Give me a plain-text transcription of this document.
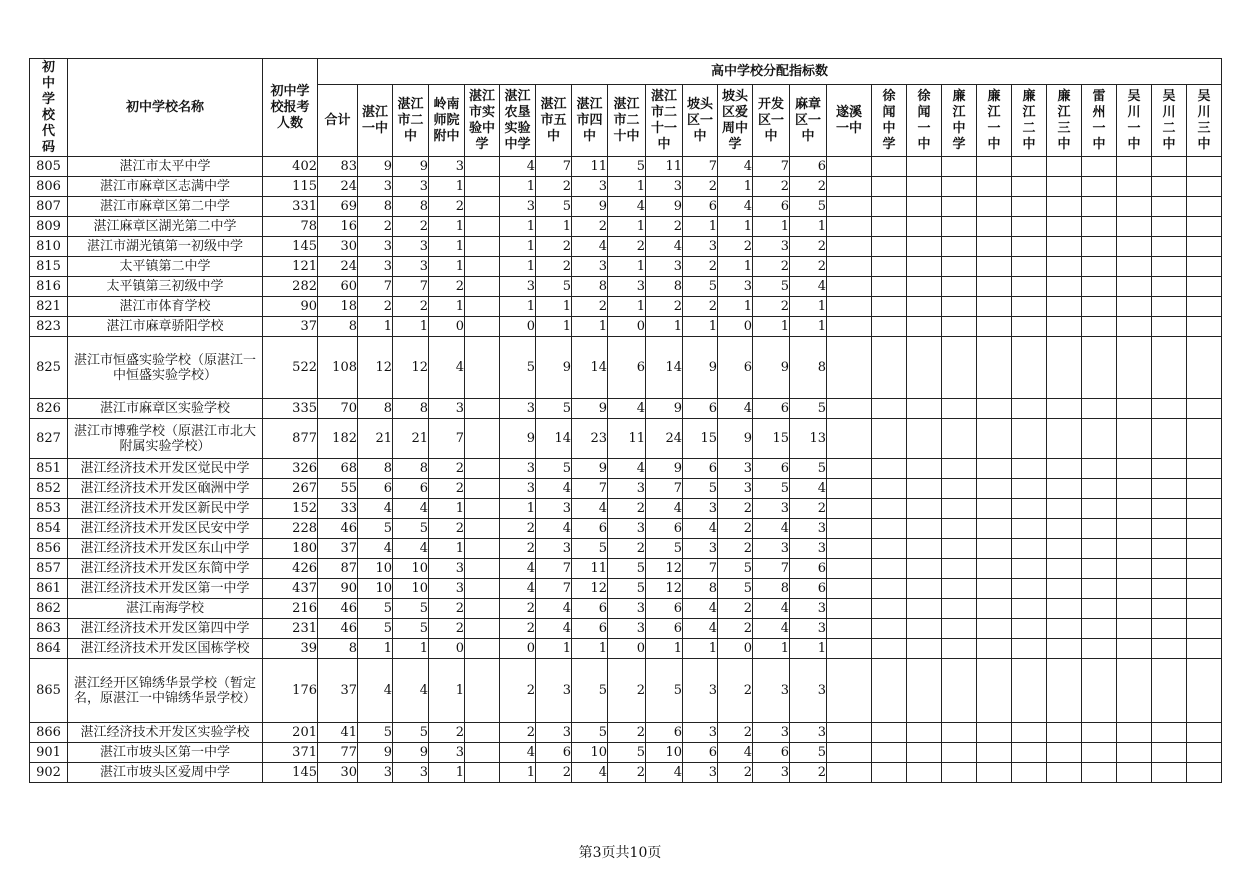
初中学校代码	初中学校名称	初中学校报考人数	高中学校分配指标数																								

			合计	湛江一中	湛江市二中	岭南师院附中	湛江市实验中学	湛江农垦实验中学	湛江市五中	湛江市四中	湛江市二十中	湛江市二十一中	坡头区一中	坡头区爱周中学	开发区一中	麻章区一中	遂溪一中	徐闻中学	徐闻一中	廉江中学	廉江一中	廉江二中	廉江三中	雷州一中	吴川一中	吴川二中	吴川三中

805	湛江市太平中学	402	83	9	9	3		4	7	11	5	11	7	4	7	6											
806	湛江市麻章区志满中学	115	24	3	3	1		1	2	3	1	3	2	1	2	2											
807	湛江市麻章区第二中学	331	69	8	8	2		3	5	9	4	9	6	4	6	5											
809	湛江麻章区湖光第二中学	78	16	2	2	1		1	1	2	1	2	1	1	1	1											
810	湛江市湖光镇第一初级中学	145	30	3	3	1		1	2	4	2	4	3	2	3	2											
815	太平镇第二中学	121	24	3	3	1		1	2	3	1	3	2	1	2	2											
816	太平镇第三初级中学	282	60	7	7	2		3	5	8	3	8	5	3	5	4											
821	湛江市体育学校	90	18	2	2	1		1	1	2	1	2	2	1	2	1											
823	湛江市麻章骄阳学校	37	8	1	1	0		0	1	1	0	1	1	0	1	1											
825	湛江市恒盛实验学校（原湛江一中恒盛实验学校）	522	108	12	12	4		5	9	14	6	14	9	6	9	8											
826	湛江市麻章区实验学校	335	70	8	8	3		3	5	9	4	9	6	4	6	5											
827	湛江市博雅学校（原湛江市北大附属实验学校）	877	182	21	21	7		9	14	23	11	24	15	9	15	13											
851	湛江经济技术开发区觉民中学	326	68	8	8	2		3	5	9	4	9	6	3	6	5											
852	湛江经济技术开发区硇洲中学	267	55	6	6	2		3	4	7	3	7	5	3	5	4											
853	湛江经济技术开发区新民中学	152	33	4	4	1		1	3	4	2	4	3	2	3	2											
854	湛江经济技术开发区民安中学	228	46	5	5	2		2	4	6	3	6	4	2	4	3											
856	湛江经济技术开发区东山中学	180	37	4	4	1		2	3	5	2	5	3	2	3	3											
857	湛江经济技术开发区东简中学	426	87	10	10	3		4	7	11	5	12	7	5	7	6											
861	湛江经济技术开发区第一中学	437	90	10	10	3		4	7	12	5	12	8	5	8	6											
862	湛江南海学校	216	46	5	5	2		2	4	6	3	6	4	2	4	3											
863	湛江经济技术开发区第四中学	231	46	5	5	2		2	4	6	3	6	4	2	4	3											
864	湛江经济技术开发区国栋学校	39	8	1	1	0		0	1	1	0	1	1	0	1	1											
865	湛江经开区锦绣华景学校（暂定名，原湛江一中锦绣华景学校）	176	37	4	4	1		2	3	5	2	5	3	2	3	3											
866	湛江经济技术开发区实验学校	201	41	5	5	2		2	3	5	2	6	3	2	3	3											
901	湛江市坡头区第一中学	371	77	9	9	3		4	6	10	5	10	6	4	6	5											
902	湛江市坡头区爱周中学	145	30	3	3	1		1	2	4	2	4	3	2	3	2											
第3页共10页
